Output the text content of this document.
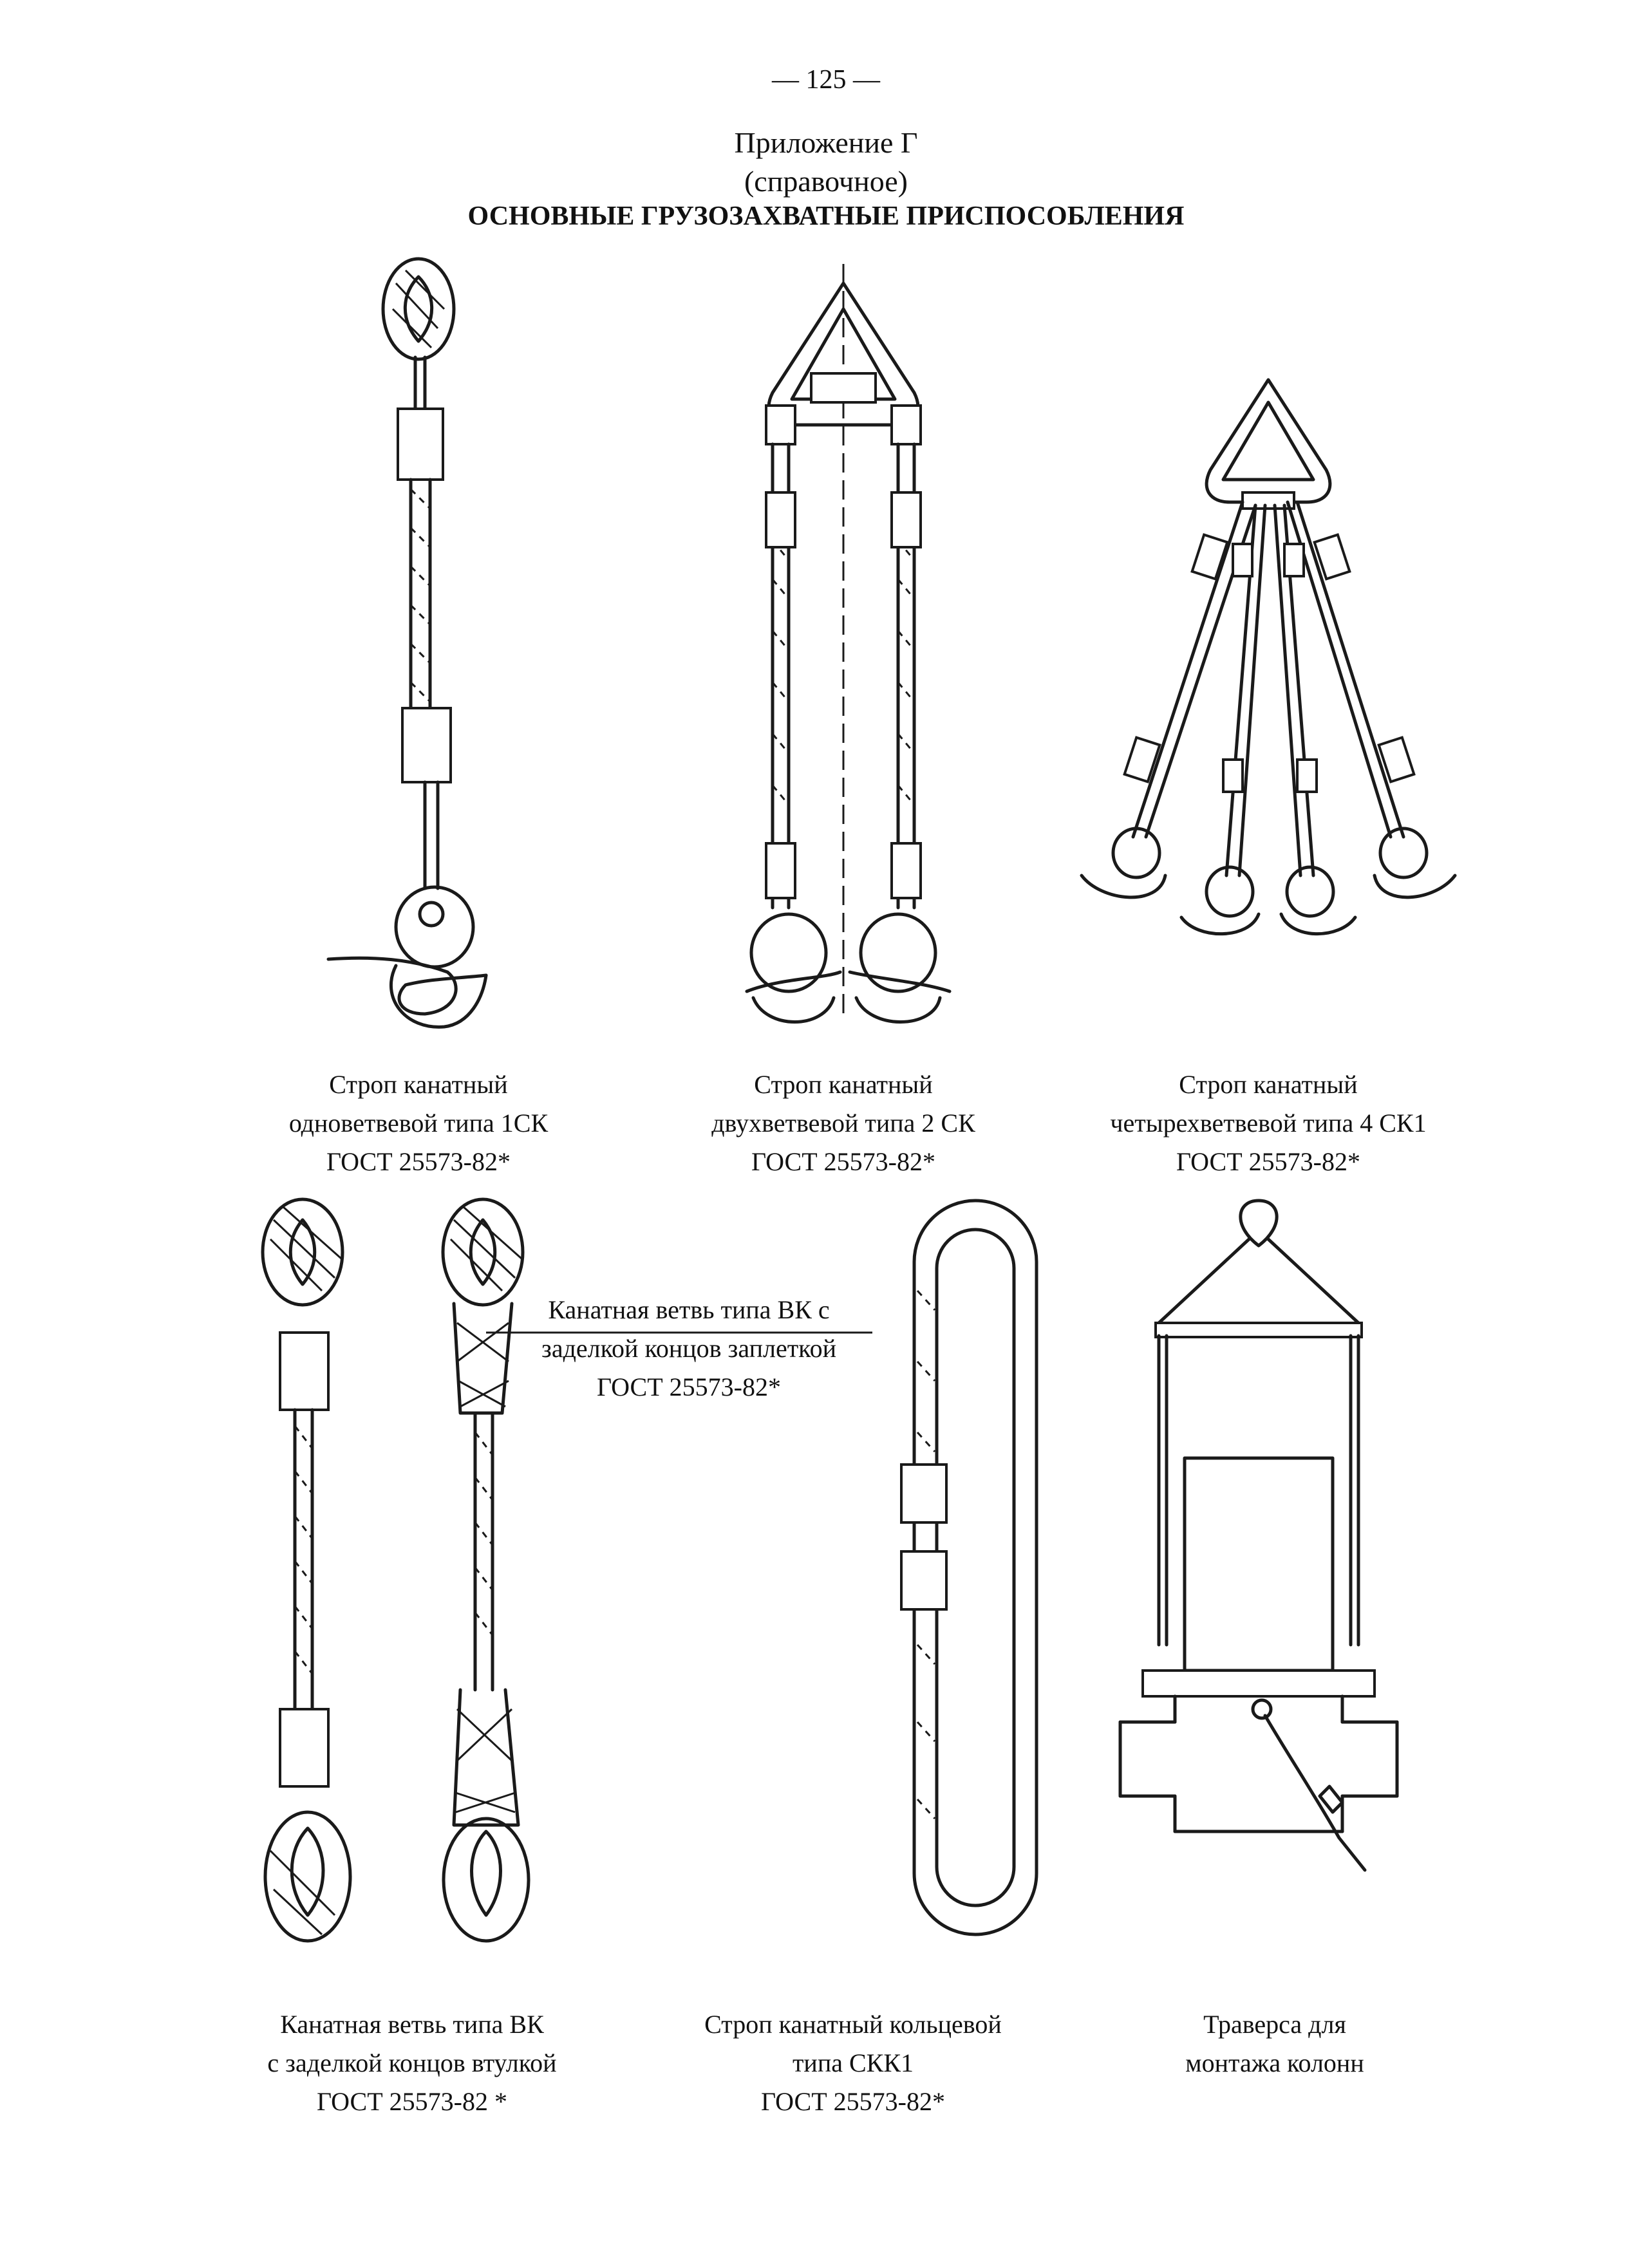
— 125 —
Приложение Г
(справочное)
ОСНОВНЫЕ ГРУЗОЗАХВАТНЫЕ ПРИСПОСОБЛЕНИЯ
Строп канатный
одноветвевой типа 1СК
ГОСТ 25573-82*
Строп канатный
двухветвевой типа 2 СК
ГОСТ 25573-82*
Строп канатный
четырехветвевой типа 4 СК1
ГОСТ 25573-82*
Канатная ветвь типа ВК с
заделкой концов заплеткой
ГОСТ 25573-82*
Канатная ветвь типа ВК
с заделкой концов втулкой
ГОСТ 25573-82 *
Строп канатный кольцевой
типа СКК1
ГОСТ 25573-82*
Траверса для
монтажа колонн
